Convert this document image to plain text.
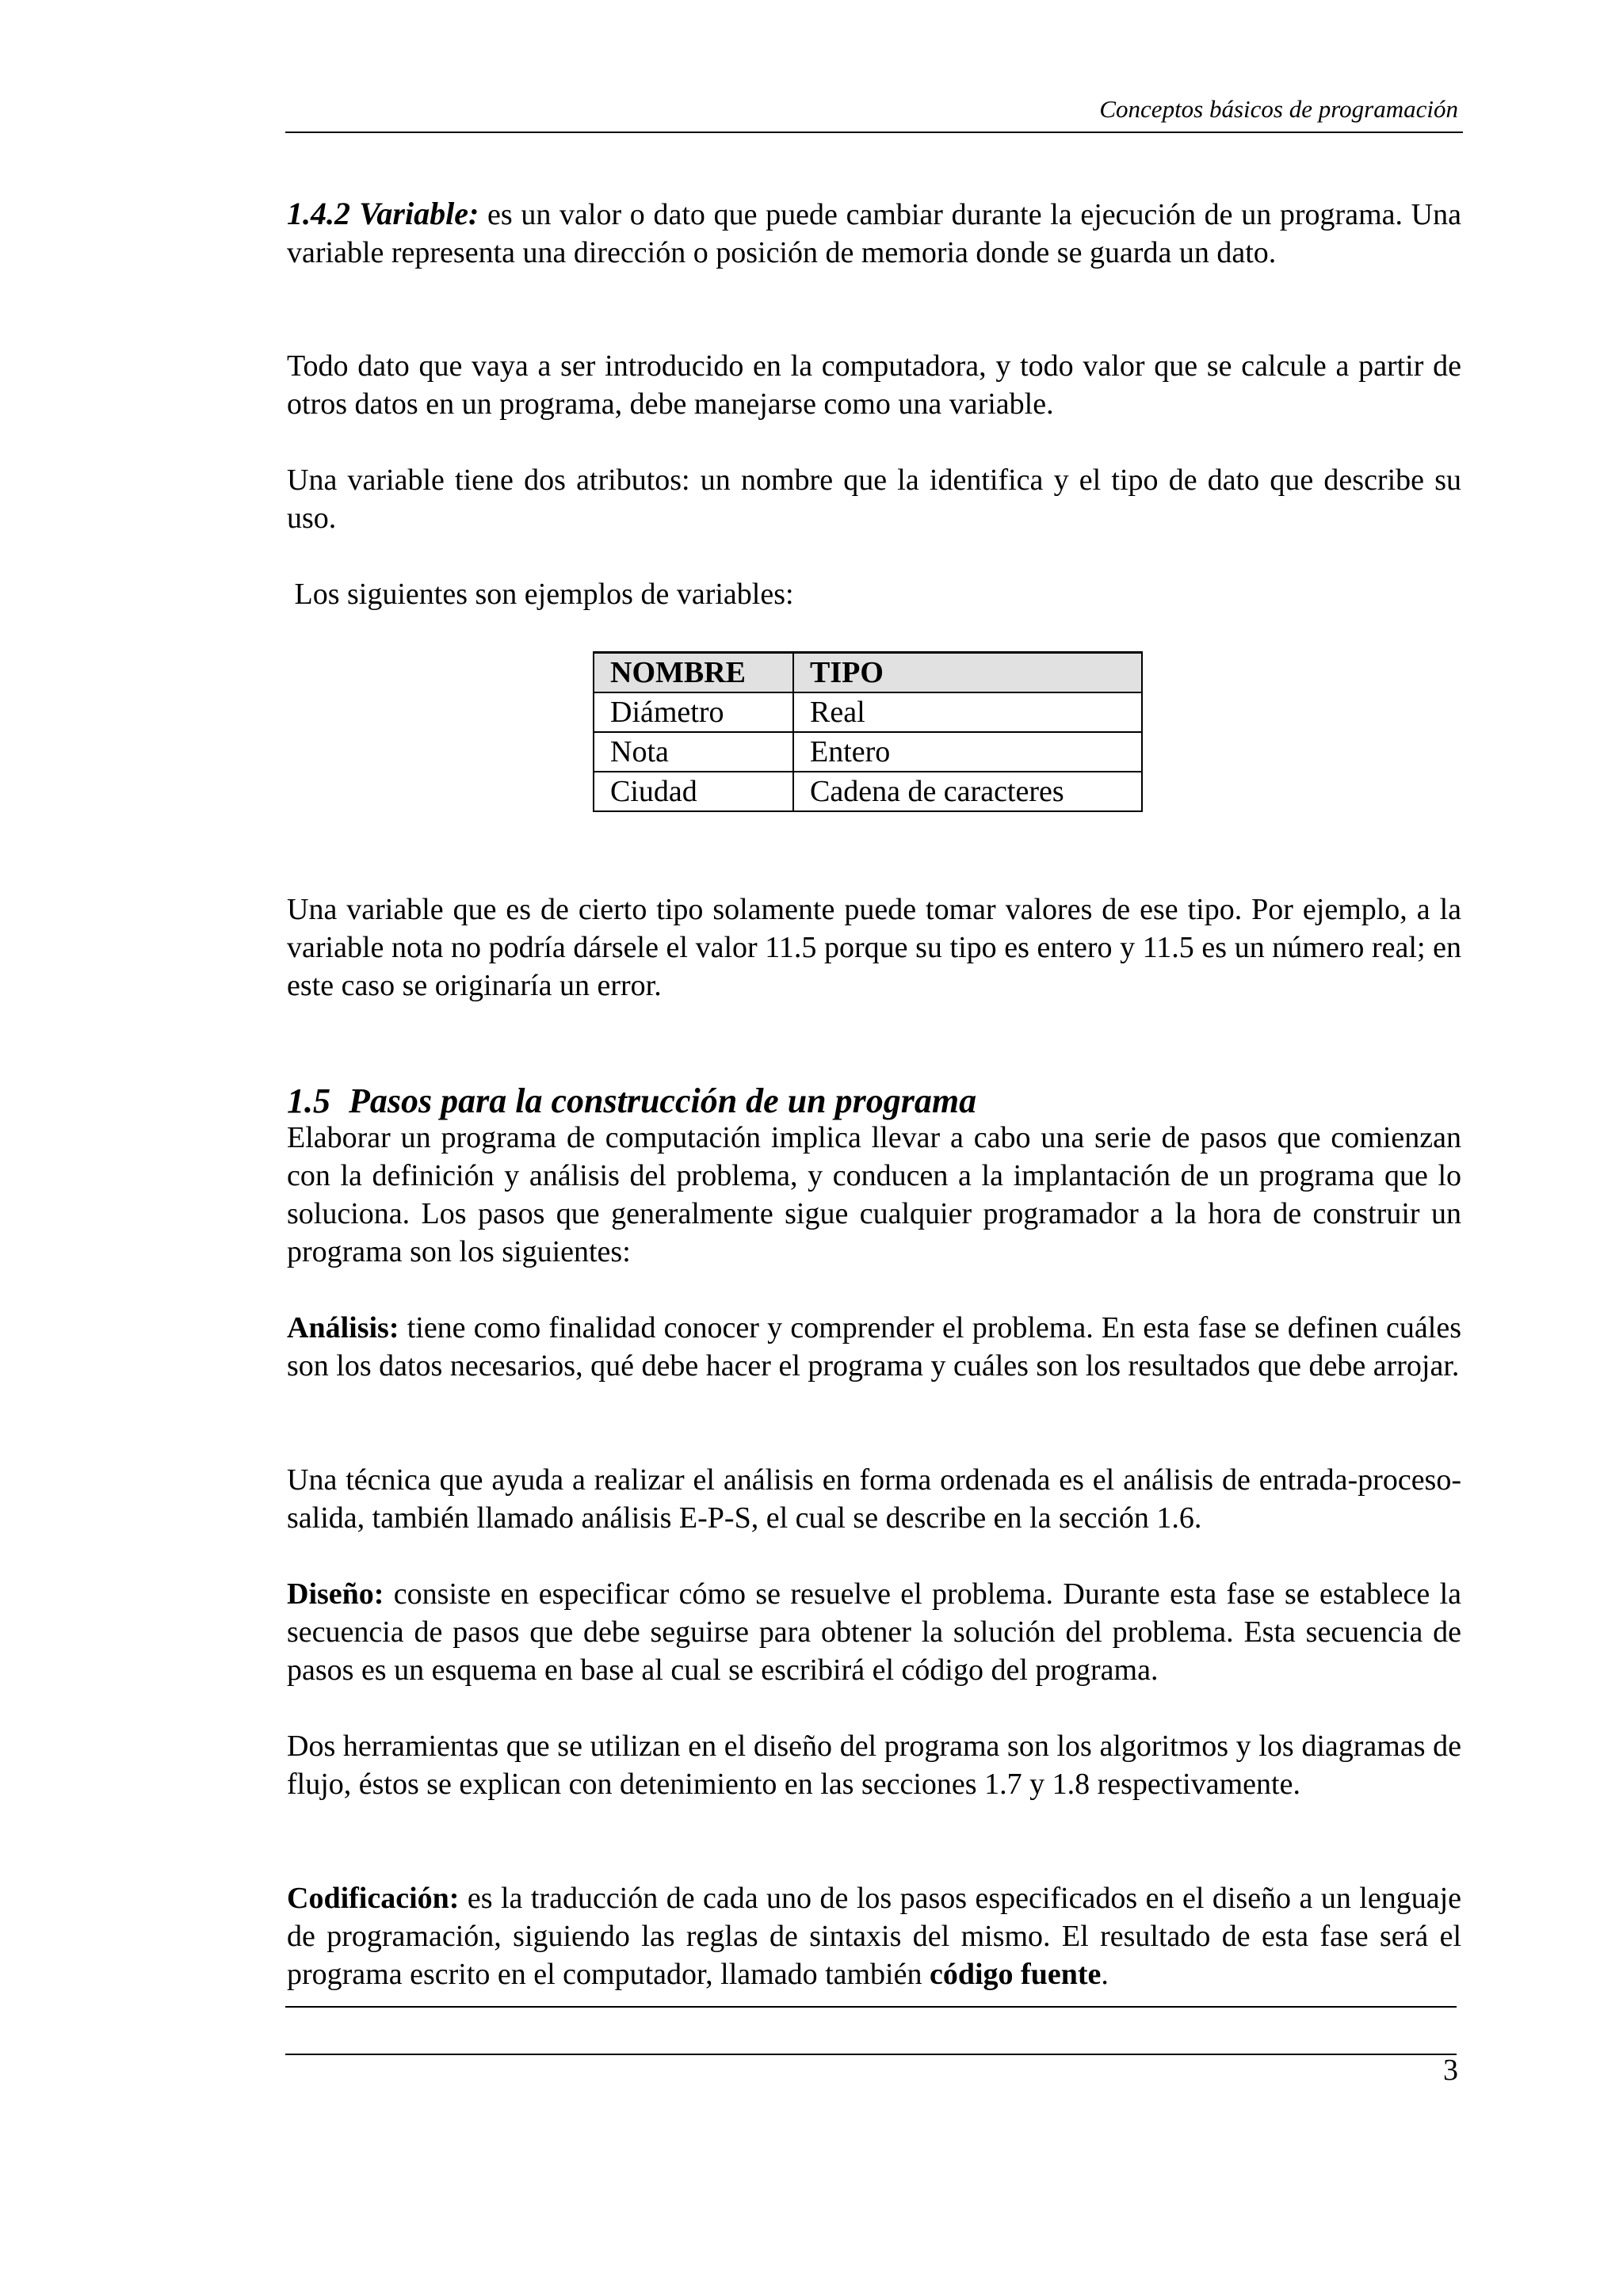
Conceptos básicos de programación

1.4.2 Variable: es un valor o dato que puede cambiar durante la ejecución de un programa. Una variable representa una dirección o posición de memoria donde se guarda un dato.

Todo dato que vaya a ser introducido en la computadora, y todo valor que se calcule a partir de otros datos en un programa, debe manejarse como una variable.

Una variable tiene dos atributos: un nombre que la identifica y el tipo de dato que describe su uso.

Los siguientes son ejemplos de variables:

NOMBRE	TIPO
Diámetro	Real
Nota	Entero
Ciudad	Cadena de caracteres

Una variable que es de cierto tipo solamente puede tomar valores de ese tipo. Por ejemplo, a la variable nota no podría dársele el valor 11.5 porque su tipo es entero y 11.5 es un número real; en este caso se originaría un error.

1.5 Pasos para la construcción de un programa

Elaborar un programa de computación implica llevar a cabo una serie de pasos que comienzan con la definición y análisis del problema, y conducen a la implantación de un programa que lo soluciona. Los pasos que generalmente sigue cualquier programador a la hora de construir un programa son los siguientes:

Análisis: tiene como finalidad conocer y comprender el problema. En esta fase se definen cuáles son los datos necesarios, qué debe hacer el programa y cuáles son los resultados que debe arrojar.

Una técnica que ayuda a realizar el análisis en forma ordenada es el análisis de entrada-proceso- salida, también llamado análisis E-P-S, el cual se describe en la sección 1.6.

Diseño: consiste en especificar cómo se resuelve el problema. Durante esta fase se establece la secuencia de pasos que debe seguirse para obtener la solución del problema. Esta secuencia de pasos es un esquema en base al cual se escribirá el código del programa.

Dos herramientas que se utilizan en el diseño del programa son los algoritmos y los diagramas de flujo, éstos se explican con detenimiento en las secciones 1.7 y 1.8 respectivamente.

Codificación: es la traducción de cada uno de los pasos especificados en el diseño a un lenguaje de programación, siguiendo las reglas de sintaxis del mismo. El resultado de esta fase será el programa escrito en el computador, llamado también código fuente.

3
